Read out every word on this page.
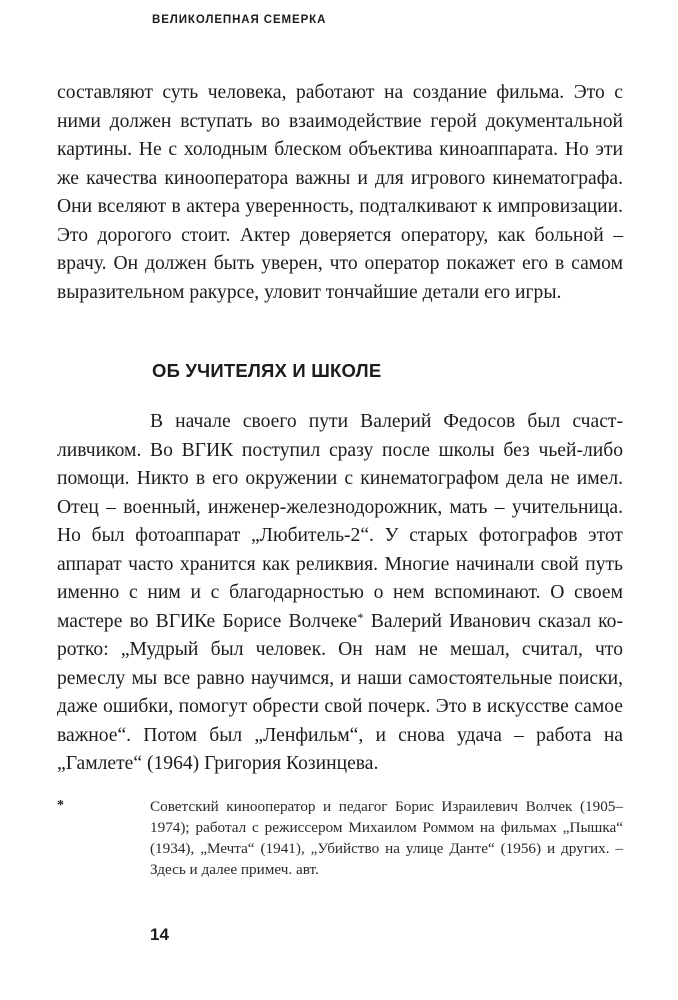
ВЕЛИКОЛЕПНАЯ СЕМЕРКА

составляют суть человека, работают на создание фильма. Это с ними должен вступать во взаимодействие герой документальной картины. Не с холодным блеском объектива киноаппарата. Но эти же качества кинооператора важны и для игрового кинематографа. Они вселяют в актера уверенность, подталкивают к импровизации. Это дорогого стоит. Актер доверяется оператору, как больной – врачу. Он должен быть уверен, что оператор покажет его в самом выразительном ракурсе, уловит тончайшие детали его игры.

ОБ УЧИТЕЛЯХ И ШКОЛЕ

В начале своего пути Валерий Федосов был счастливчиком. Во ВГИК поступил сразу после школы без чьей-либо помощи. Никто в его окружении с кинематографом дела не имел. Отец – военный, инженер-железнодорожник, мать – учительница. Но был фотоаппарат „Любитель-2“. У старых фотографов этот аппарат часто хранится как реликвия. Многие начинали свой путь именно с ним и с благодарностью о нем вспоминают. О своем мастере во ВГИКе Борисе Волчеке* Валерий Иванович сказал коротко: „Мудрый был человек. Он нам не мешал, считал, что ремеслу мы все равно научимся, и наши самостоятельные поиски, даже ошибки, помогут обрести свой почерк. Это в искусстве самое важное“. Потом был „Ленфильм“, и снова удача – работа на „Гамлете“ (1964) Григория Козинцева.

*	Советский кинооператор и педагог Борис Израилевич Волчек (1905–1974); работал с режиссером Михаилом Роммом на фильмах „Пышка“ (1934), „Мечта“ (1941), „Убийство на улице Данте“ (1956) и других. – Здесь и далее примеч. авт.

14
